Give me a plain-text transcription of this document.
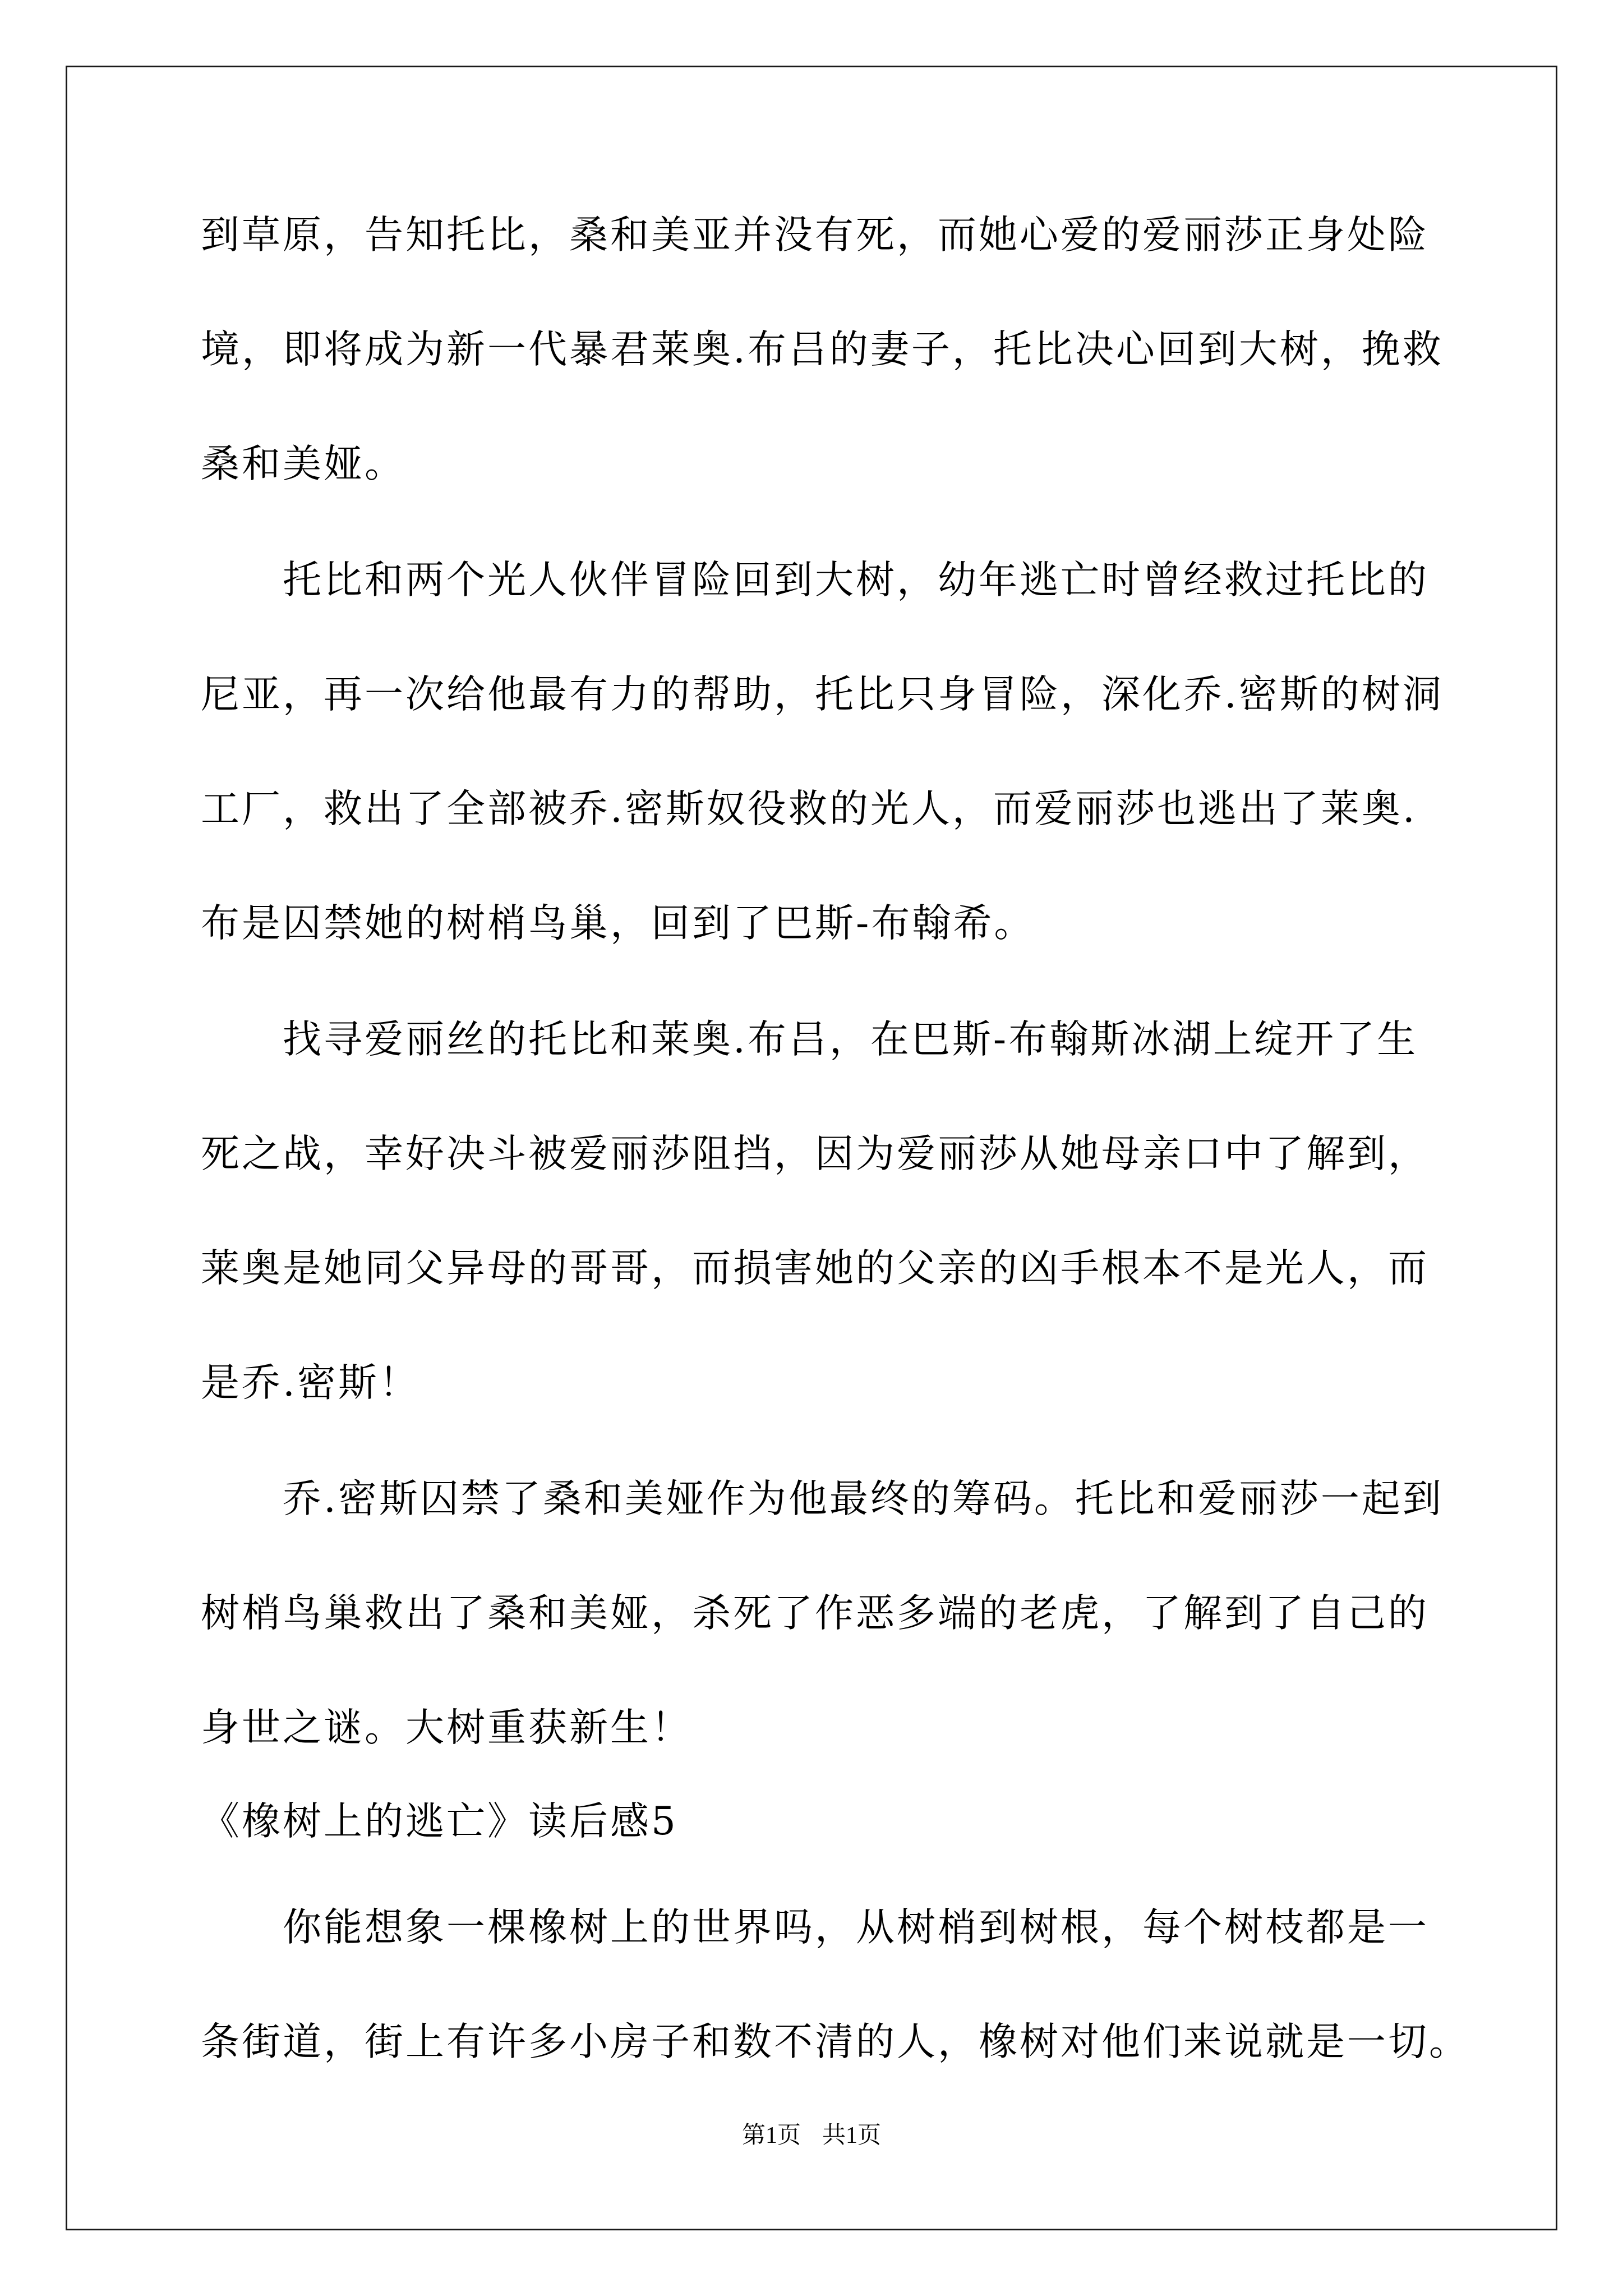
到草原，告知托比，桑和美亚并没有死，而她心爱的爱丽莎正身处险
境，即将成为新一代暴君莱奥.布吕的妻子，托比决心回到大树，挽救
桑和美娅。
托比和两个光人伙伴冒险回到大树，幼年逃亡时曾经救过托比的
尼亚，再一次给他最有力的帮助，托比只身冒险，深化乔.密斯的树洞
工厂，救出了全部被乔.密斯奴役救的光人，而爱丽莎也逃出了莱奥.
布是囚禁她的树梢鸟巢，回到了巴斯-布翰希。
找寻爱丽丝的托比和莱奥.布吕，在巴斯-布翰斯冰湖上绽开了生
死之战，幸好决斗被爱丽莎阻挡，因为爱丽莎从她母亲口中了解到，
莱奥是她同父异母的哥哥，而损害她的父亲的凶手根本不是光人，而
是乔.密斯！
乔.密斯囚禁了桑和美娅作为他最终的筹码。托比和爱丽莎一起到
树梢鸟巢救出了桑和美娅，杀死了作恶多端的老虎，了解到了自己的
身世之谜。大树重获新生！
《橡树上的逃亡》读后感5
你能想象一棵橡树上的世界吗，从树梢到树根，每个树枝都是一
条街道，街上有许多小房子和数不清的人，橡树对他们来说就是一切。
第1页 共1页
